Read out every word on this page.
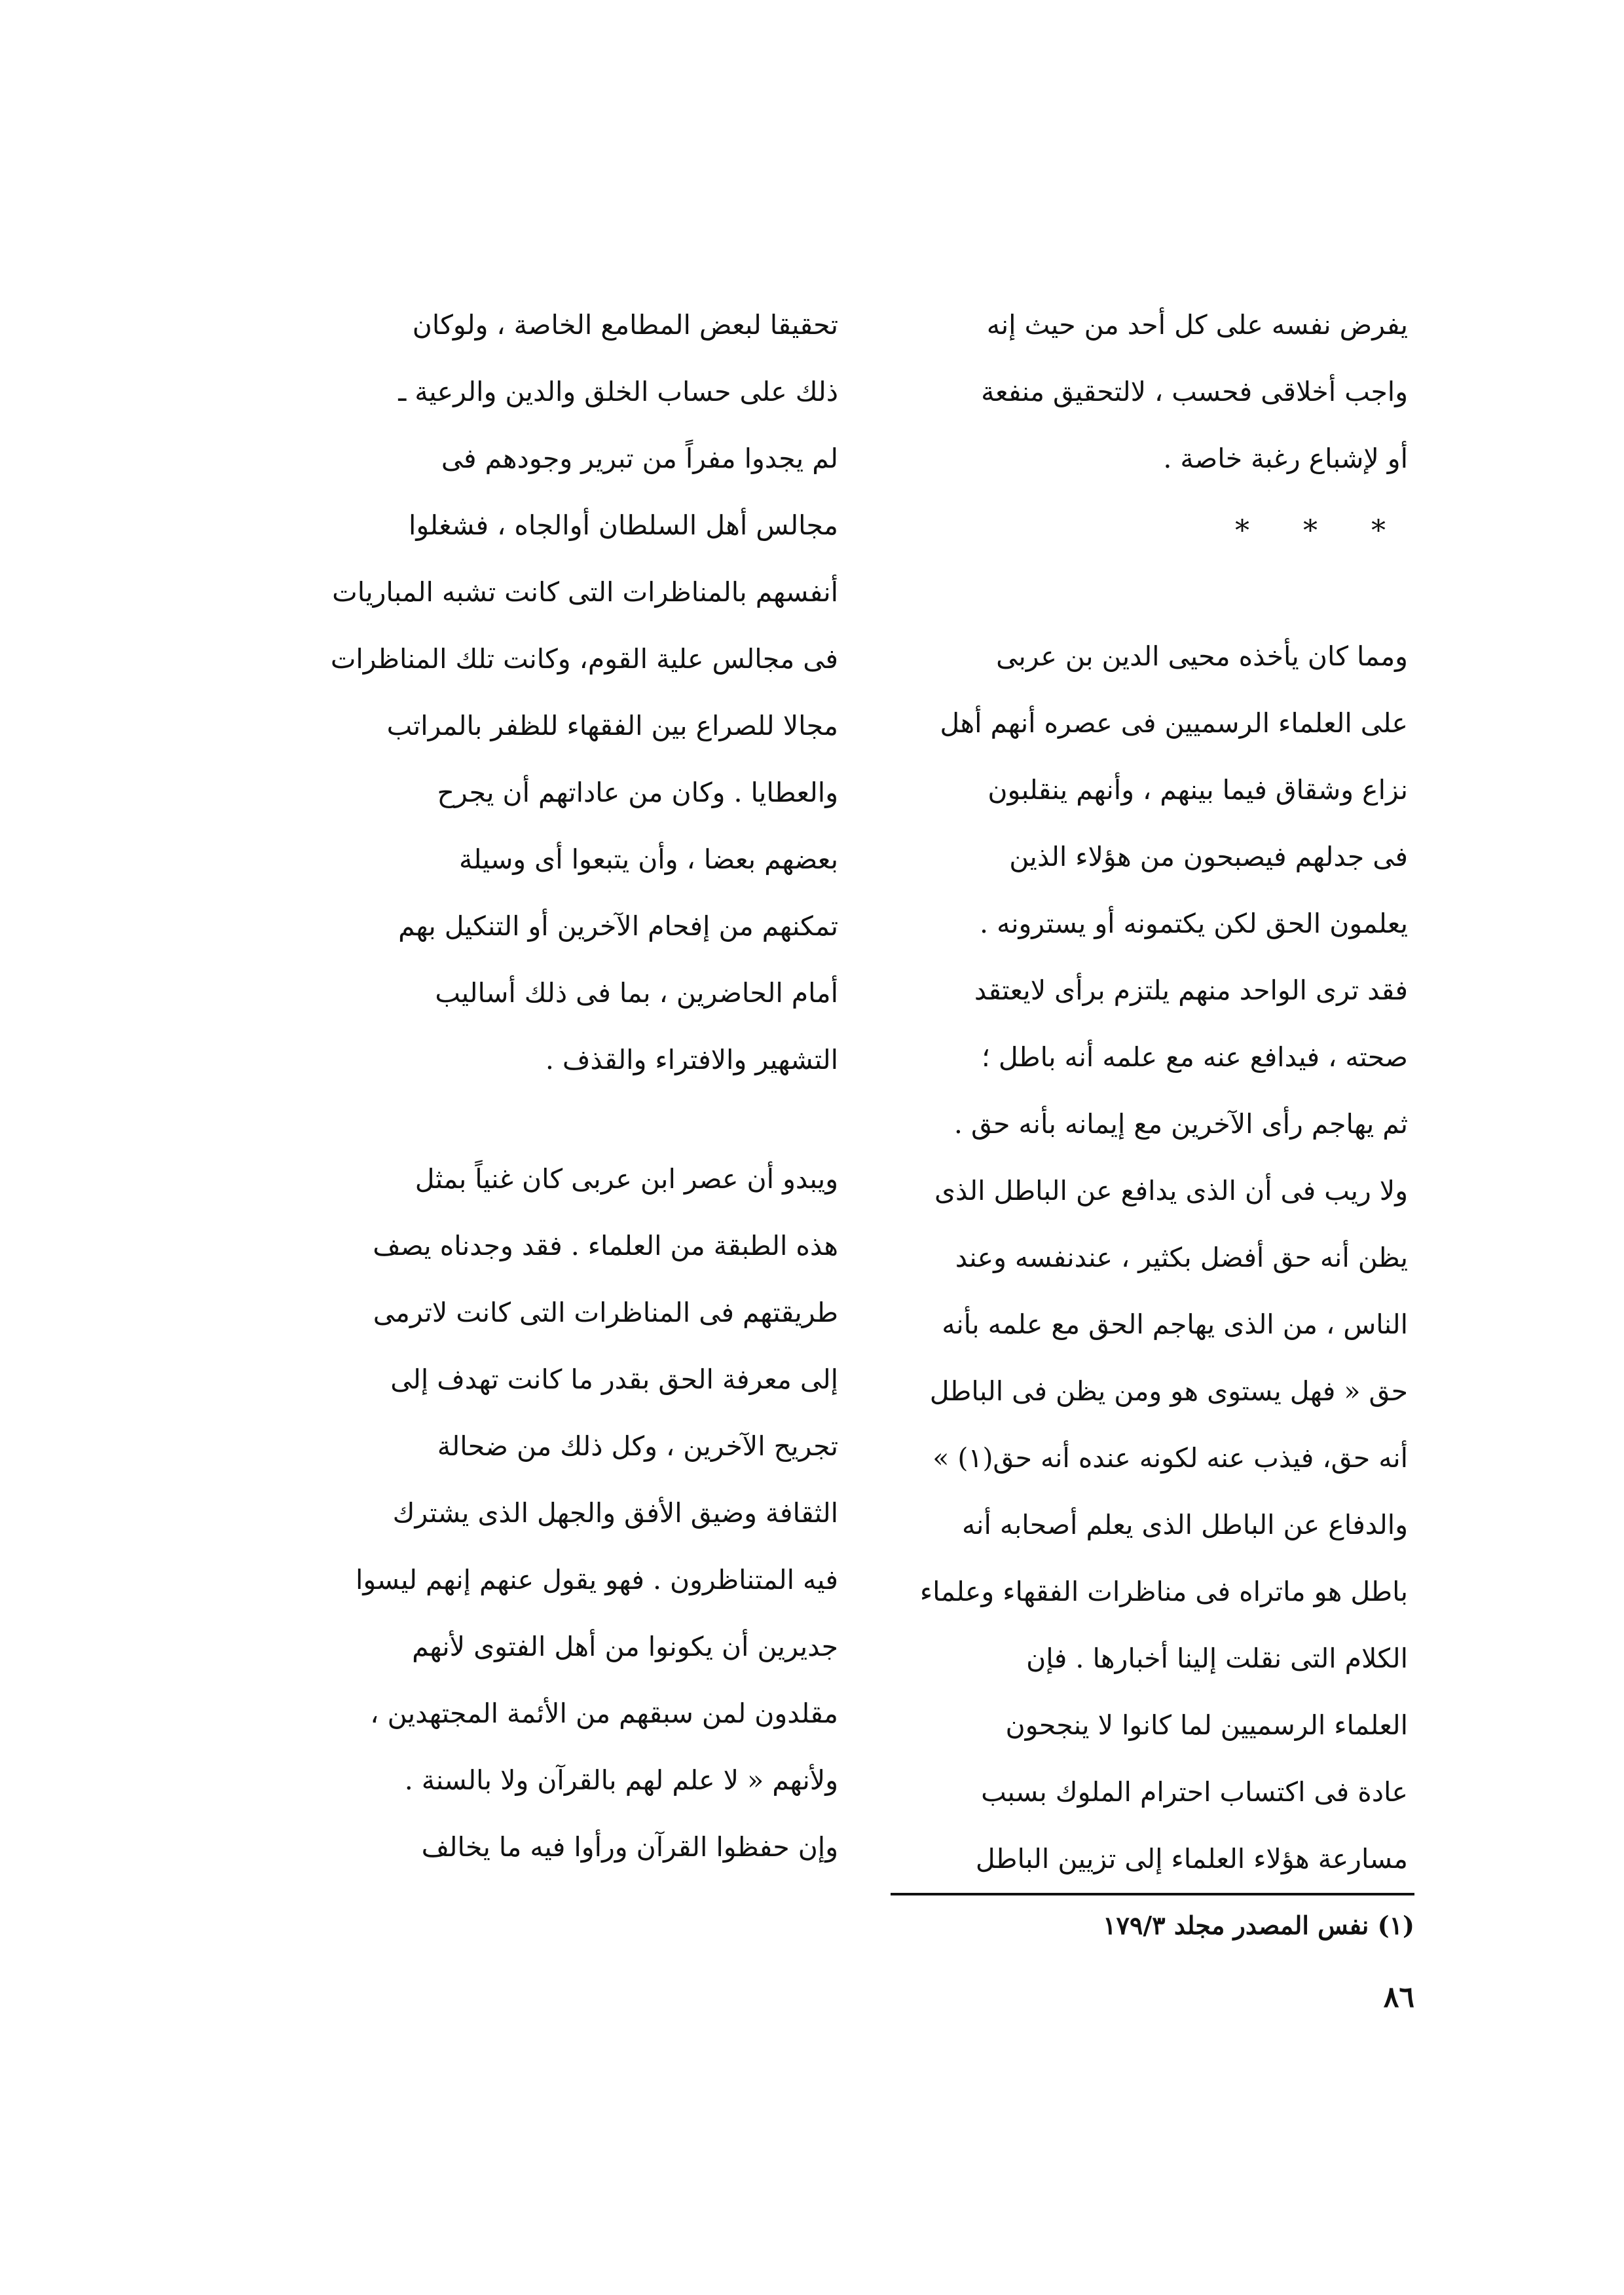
يفرض نفسه على كل أحد من حيث إنه
واجب أخلاقى فحسب ، لالتحقيق منفعة
أو لإشباع رغبة خاصة .
* * *
ومما كان يأخذه محيى الدين بن عربى
على العلماء الرسميين فى عصره أنهم أهل
نزاع وشقاق فيما بينهم ، وأنهم ينقلبون
فى جدلهم فيصبحون من هؤلاء الذين
يعلمون الحق لكن يكتمونه أو يسترونه .
فقد ترى الواحد منهم يلتزم برأى لايعتقد
صحته ، فيدافع عنه مع علمه أنه باطل ؛
ثم يهاجم رأى الآخرين مع إيمانه بأنه حق .
ولا ريب فى أن الذى يدافع عن الباطل الذى
يظن أنه حق أفضل بكثير ، عندنفسه وعند
الناس ، من الذى يهاجم الحق مع علمه بأنه
حق « فهل يستوى هو ومن يظن فى الباطل
أنه حق، فيذب عنه لكونه عنده أنه حق(١) »
والدفاع عن الباطل الذى يعلم أصحابه أنه
باطل هو ماتراه فى مناظرات الفقهاء وعلماء
الكلام التى نقلت إلينا أخبارها . فإن
العلماء الرسميين لما كانوا لا ينجحون
عادة فى اكتساب احترام الملوك بسبب
مسارعة هؤلاء العلماء إلى تزيين الباطل
تحقيقا لبعض المطامع الخاصة ، ولوكان
ذلك على حساب الخلق والدين والرعية ـ
لم يجدوا مفراً من تبرير وجودهم فى
مجالس أهل السلطان أوالجاه ، فشغلوا
أنفسهم بالمناظرات التى كانت تشبه المباريات
فى مجالس علية القوم، وكانت تلك المناظرات
مجالا للصراع بين الفقهاء للظفر بالمراتب
والعطايا . وكان من عاداتهم أن يجرح
بعضهم بعضا ، وأن يتبعوا أى وسيلة
تمكنهم من إفحام الآخرين أو التنكيل بهم
أمام الحاضرين ، بما فى ذلك أساليب
التشهير والافتراء والقذف .
ويبدو أن عصر ابن عربى كان غنياً بمثل
هذه الطبقة من العلماء . فقد وجدناه يصف
طريقتهم فى المناظرات التى كانت لاترمى
إلى معرفة الحق بقدر ما كانت تهدف إلى
تجريح الآخرين ، وكل ذلك من ضحالة
الثقافة وضيق الأفق والجهل الذى يشترك
فيه المتناظرون . فهو يقول عنهم إنهم ليسوا
جديرين أن يكونوا من أهل الفتوى لأنهم
مقلدون لمن سبقهم من الأئمة المجتهدين ،
ولأنهم « لا علم لهم بالقرآن ولا بالسنة .
وإن حفظوا القرآن ورأوا فيه ما يخالف
(١) نفس المصدر مجلد ١٧٩/٣
٨٦
